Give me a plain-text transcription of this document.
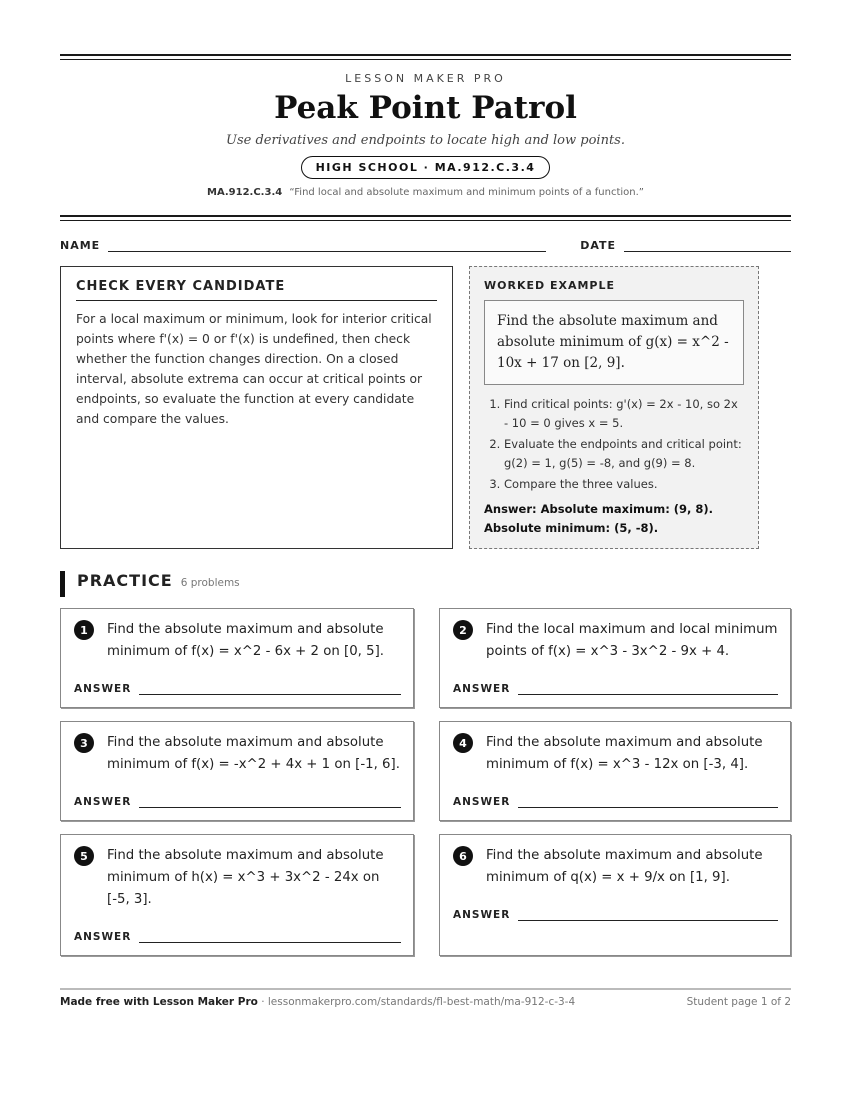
LESSON MAKER PRO
Peak Point Patrol
Use derivatives and endpoints to locate high and low points.
HIGH SCHOOL · MA.912.C.3.4
MA.912.C.3.4 “Find local and absolute maximum and minimum points of a function.”
NAME	DATE
CHECK EVERY CANDIDATE
For a local maximum or minimum, look for interior critical points where f'(x) = 0 or f'(x) is undefined, then check whether the function changes direction. On a closed interval, absolute extrema can occur at critical points or endpoints, so evaluate the function at every candidate and compare the values.
WORKED EXAMPLE
Find the absolute maximum and absolute minimum of g(x) = x^2 - 10x + 17 on [2, 9].
1. Find critical points: g'(x) = 2x - 10, so 2x - 10 = 0 gives x = 5.
2. Evaluate the endpoints and critical point: g(2) = 1, g(5) = -8, and g(9) = 8.
3. Compare the three values.
Answer: Absolute maximum: (9, 8).
Absolute minimum: (5, -8).
PRACTICE 6 problems
1	Find the absolute maximum and absolute minimum of f(x) = x^2 - 6x + 2 on [0, 5].
ANSWER
2	Find the local maximum and local minimum points of f(x) = x^3 - 3x^2 - 9x + 4.
ANSWER
3	Find the absolute maximum and absolute minimum of f(x) = -x^2 + 4x + 1 on [-1, 6].
ANSWER
4	Find the absolute maximum and absolute minimum of f(x) = x^3 - 12x on [-3, 4].
ANSWER
5	Find the absolute maximum and absolute minimum of h(x) = x^3 + 3x^2 - 24x on [-5, 3].
ANSWER
6	Find the absolute maximum and absolute minimum of q(x) = x + 9/x on [1, 9].
ANSWER
Made free with Lesson Maker Pro · lessonmakerpro.com/standards/fl-best-math/ma-912-c-3-4	Student page 1 of 2
